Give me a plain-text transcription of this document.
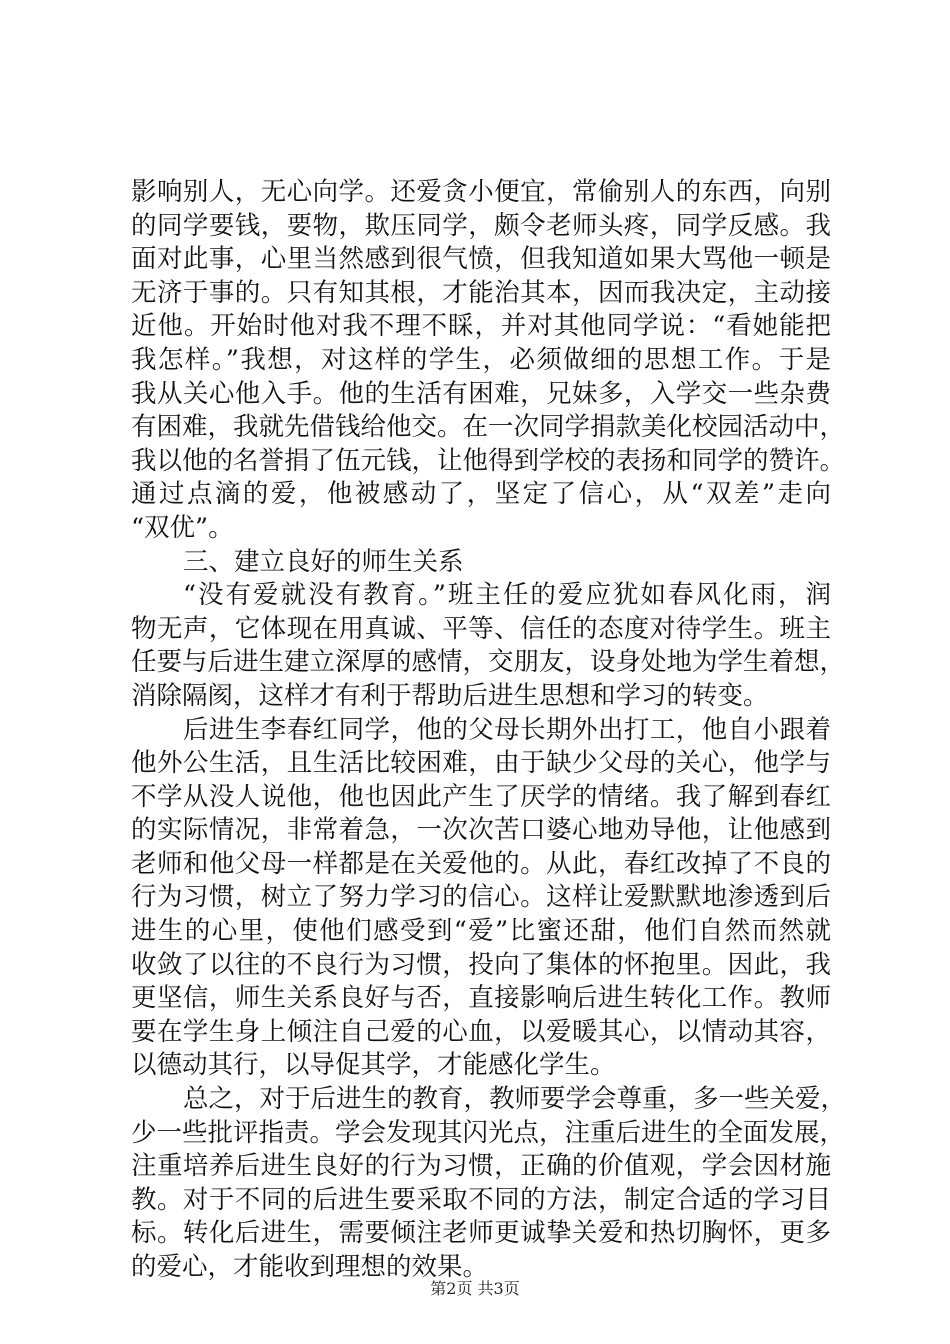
影响别人，无心向学。还爱贪小便宜，常偷别人的东西，向别
的同学要钱，要物，欺压同学，颇令老师头疼，同学反感。我
面对此事，心里当然感到很气愤，但我知道如果大骂他一顿是
无济于事的。只有知其根，才能治其本，因而我决定，主动接
近他。开始时他对我不理不睬，并对其他同学说：“看她能把
我怎样。”我想，对这样的学生，必须做细的思想工作。于是
我从关心他入手。他的生活有困难，兄妹多，入学交一些杂费
有困难，我就先借钱给他交。在一次同学捐款美化校园活动中，
我以他的名誉捐了伍元钱，让他得到学校的表扬和同学的赞许。
通过点滴的爱，他被感动了，坚定了信心，从“双差”走向
“双优”。
三、建立良好的师生关系
“没有爱就没有教育。”班主任的爱应犹如春风化雨，润
物无声，它体现在用真诚、平等、信任的态度对待学生。班主
任要与后进生建立深厚的感情，交朋友，设身处地为学生着想，
消除隔阂，这样才有利于帮助后进生思想和学习的转变。
后进生李春红同学，他的父母长期外出打工，他自小跟着
他外公生活，且生活比较困难，由于缺少父母的关心，他学与
不学从没人说他，他也因此产生了厌学的情绪。我了解到春红
的实际情况，非常着急，一次次苦口婆心地劝导他，让他感到
老师和他父母一样都是在关爱他的。从此，春红改掉了不良的
行为习惯，树立了努力学习的信心。这样让爱默默地渗透到后
进生的心里，使他们感受到“爱”比蜜还甜，他们自然而然就
收敛了以往的不良行为习惯，投向了集体的怀抱里。因此，我
更坚信，师生关系良好与否，直接影响后进生转化工作。教师
要在学生身上倾注自己爱的心血，以爱暖其心，以情动其容，
以德动其行，以导促其学，才能感化学生。
总之，对于后进生的教育，教师要学会尊重，多一些关爱，
少一些批评指责。学会发现其闪光点，注重后进生的全面发展，
注重培养后进生良好的行为习惯，正确的价值观，学会因材施
教。对于不同的后进生要采取不同的方法，制定合适的学习目
标。转化后进生，需要倾注老师更诚挚关爱和热切胸怀，更多
的爱心，才能收到理想的效果。
第2页 共3页
